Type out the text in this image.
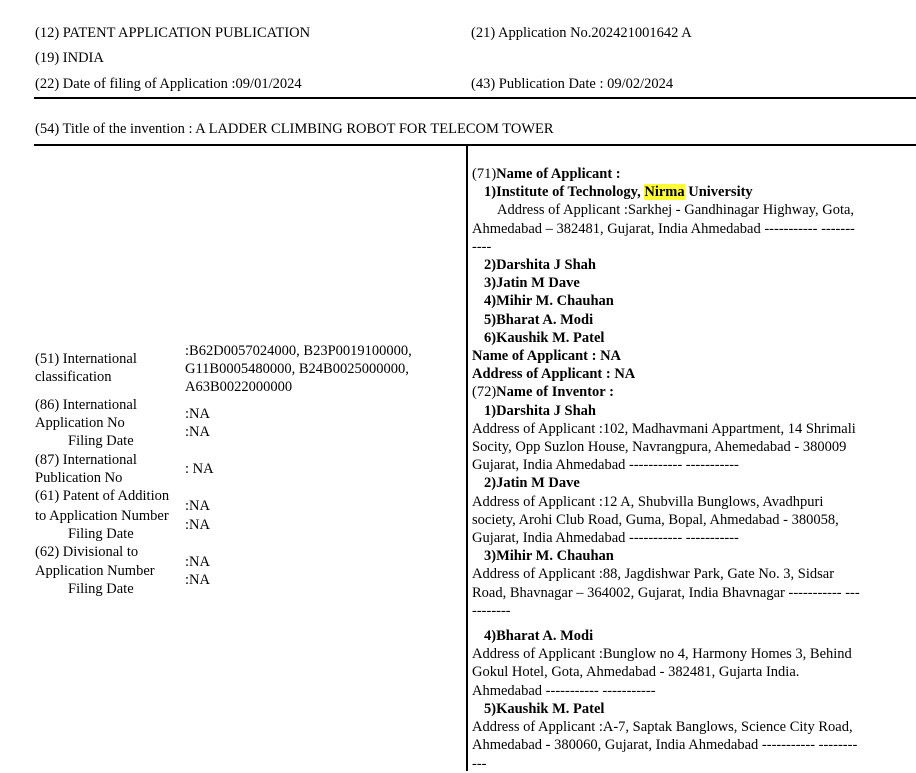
(12) PATENT APPLICATION PUBLICATION	(21) Application No.202421001642 A
(19) INDIA
(22) Date of filing of Application :09/01/2024	(43) Publication Date : 09/02/2024
(54) Title of the invention : A LADDER CLIMBING ROBOT FOR TELECOM TOWER
(51) International
classification
:B62D0057024000, B23P0019100000,
G11B0005480000, B24B0025000000,
A63B0022000000
(86) International
Application No
Filing Date
:NA
:NA
(87) International
Publication No
: NA
(61) Patent of Addition
to Application Number
Filing Date
:NA
:NA
(62) Divisional to
Application Number
Filing Date
:NA
:NA
(71)Name of Applicant :
1)Institute of Technology, Nirma University
Address of Applicant :Sarkhej - Gandhinagar Highway, Gota,
Ahmedabad – 382481, Gujarat, India Ahmedabad ----------- -------
----
2)Darshita J Shah
3)Jatin M Dave
4)Mihir M. Chauhan
5)Bharat A. Modi
6)Kaushik M. Patel
Name of Applicant : NA
Address of Applicant : NA
(72)Name of Inventor :
1)Darshita J Shah
Address of Applicant :102, Madhavmani Appartment, 14 Shrimali
Socity, Opp Suzlon House, Navrangpura, Ahemedabad - 380009
Gujarat, India Ahmedabad ----------- -----------
2)Jatin M Dave
Address of Applicant :12 A, Shubvilla Bunglows, Avadhpuri
society, Arohi Club Road, Guma, Bopal, Ahmedabad - 380058,
Gujarat, India Ahmedabad ----------- -----------
3)Mihir M. Chauhan
Address of Applicant :88, Jagdishwar Park, Gate No. 3, Sidsar
Road, Bhavnagar – 364002, Gujarat, India Bhavnagar ----------- ---
--------
4)Bharat A. Modi
Address of Applicant :Bunglow no 4, Harmony Homes 3, Behind
Gokul Hotel, Gota, Ahmedabad - 382481, Gujarta India.
Ahmedabad ----------- -----------
5)Kaushik M. Patel
Address of Applicant :A-7, Saptak Banglows, Science City Road,
Ahmedabad - 380060, Gujarat, India Ahmedabad ----------- --------
---
